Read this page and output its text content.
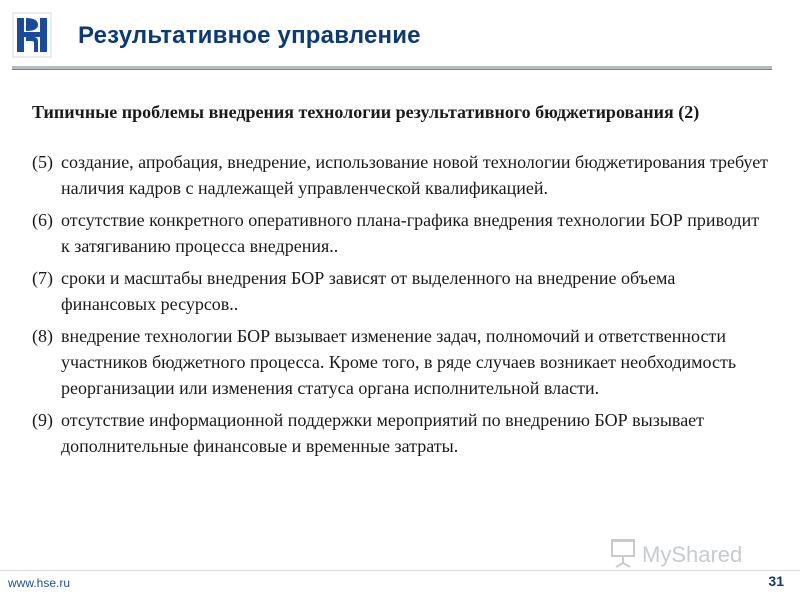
Результативное управление
Типичные проблемы внедрения технологии результативного бюджетирования (2)
(5) создание, апробация, внедрение, использование новой технологии бюджетирования требует наличия кадров с надлежащей управленческой квалификацией.
(6) отсутствие конкретного оперативного плана-графика внедрения технологии БОР приводит к затягиванию процесса внедрения..
(7) сроки и масштабы внедрения БОР зависят от выделенного на внедрение объема финансовых ресурсов..
(8) внедрение технологии БОР вызывает изменение задач, полномочий и ответственности участников бюджетного процесса. Кроме того, в ряде случаев возникает необходимость реорганизации или изменения статуса органа исполнительной власти.
(9) отсутствие информационной поддержки мероприятий по внедрению БОР вызывает дополнительные финансовые и временные затраты.
MyShared
www.hse.ru	31
